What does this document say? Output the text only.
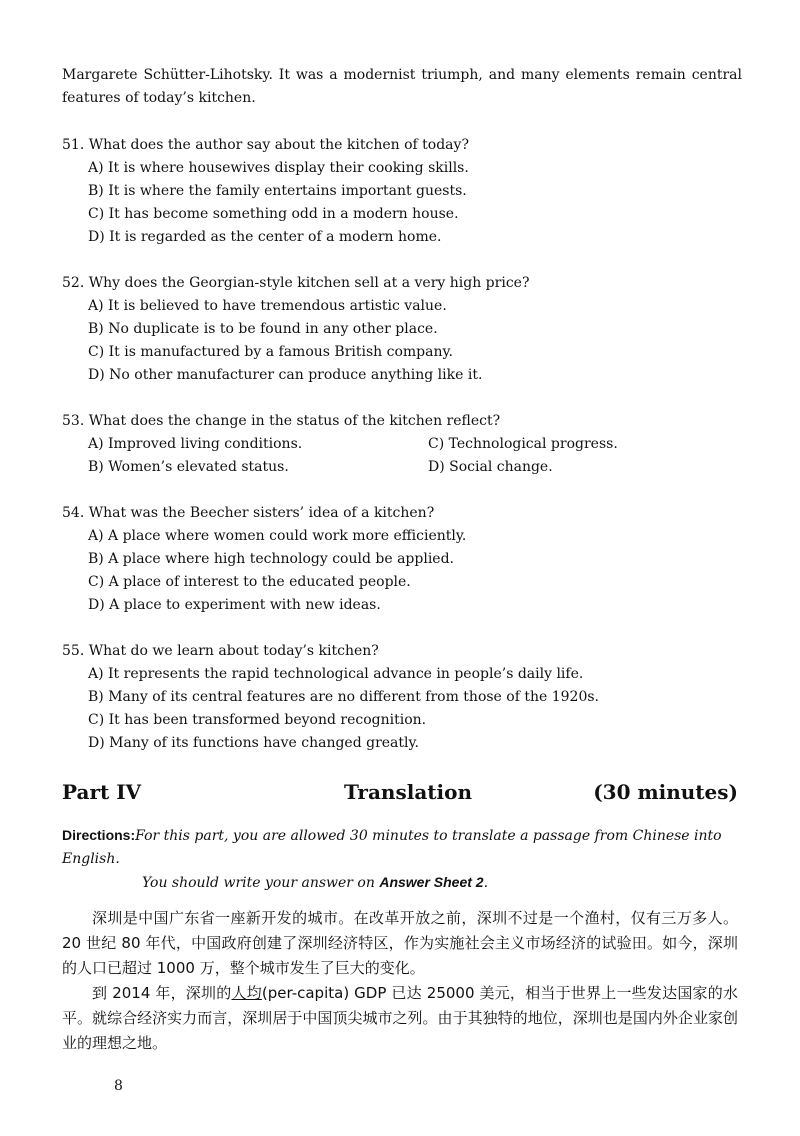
Margarete Schütter-Lihotsky. It was a modernist triumph, and many elements remain central features of today’s kitchen.
51. What does the author say about the kitchen of today?
A) It is where housewives display their cooking skills.
B) It is where the family entertains important guests.
C) It has become something odd in a modern house.
D) It is regarded as the center of a modern home.
52. Why does the Georgian-style kitchen sell at a very high price?
A) It is believed to have tremendous artistic value.
B) No duplicate is to be found in any other place.
C) It is manufactured by a famous British company.
D) No other manufacturer can produce anything like it.
53. What does the change in the status of the kitchen reflect?
A) Improved living conditions.	C) Technological progress.
B) Women’s elevated status.	D) Social change.
54. What was the Beecher sisters’ idea of a kitchen?
A) A place where women could work more efficiently.
B) A place where high technology could be applied.
C) A place of interest to the educated people.
D) A place to experiment with new ideas.
55. What do we learn about today’s kitchen?
A) It represents the rapid technological advance in people’s daily life.
B) Many of its central features are no different from those of the 1920s.
C) It has been transformed beyond recognition.
D) Many of its functions have changed greatly.
Part IV	Translation	(30 minutes)
Directions:For this part, you are allowed 30 minutes to translate a passage from Chinese into English.
You should write your answer on Answer Sheet 2.

深圳是中国广东省一座新开发的城市。在改革开放之前，深圳不过是一个渔村，仅有三万多人。20 世纪 80 年代，中国政府创建了深圳经济特区，作为实施社会主义市场经济的试验田。如今，深圳的人口已超过 1000 万，整个城市发生了巨大的变化。

到 2014 年，深圳的人均(per-capita) GDP 已达 25000 美元，相当于世界上一些发达国家的水平。就综合经济实力而言，深圳居于中国顶尖城市之列。由于其独特的地位，深圳也是国内外企业家创业的理想之地。

8
